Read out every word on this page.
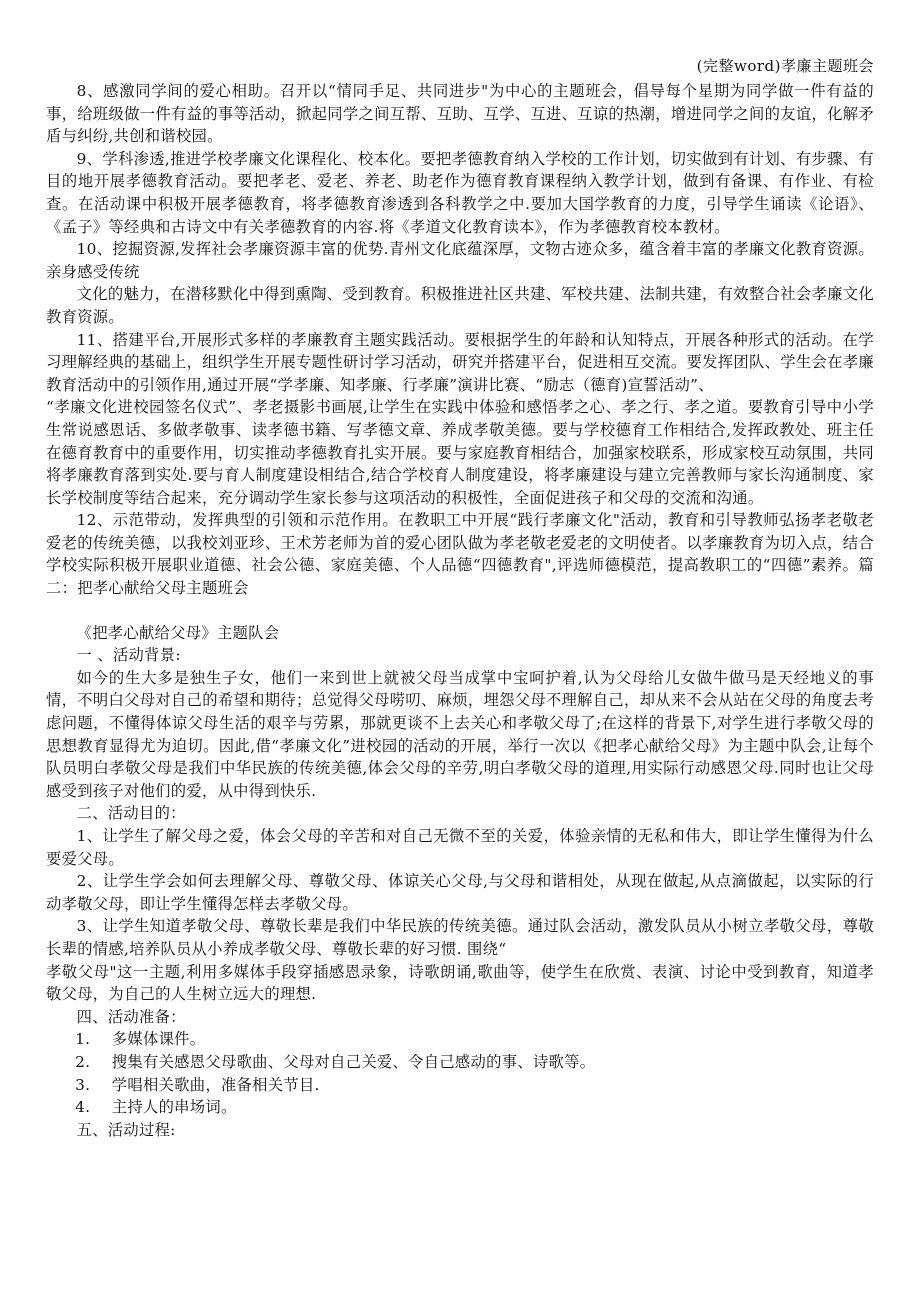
(完整word)孝廉主题班会

8、感激同学间的爱心相助。召开以“情同手足、共同进步"为中心的主题班会，倡导每个星期为同学做一件有益的事，给班级做一件有益的事等活动，掀起同学之间互帮、互助、互学、互进、互谅的热潮，增进同学之间的友谊，化解矛盾与纠纷,共创和谐校园。

9、学科渗透,推进学校孝廉文化课程化、校本化。要把孝德教育纳入学校的工作计划，切实做到有计划、有步骤、有目的地开展孝德教育活动。要把孝老、爱老、养老、助老作为德育教育课程纳入教学计划，做到有备课、有作业、有检查。在活动课中积极开展孝德教育，将孝德教育渗透到各科教学之中.要加大国学教育的力度，引导学生诵读《论语》、《孟子》等经典和古诗文中有关孝德教育的内容.将《孝道文化教育读本》，作为孝德教育校本教材。

10、挖掘资源,发挥社会孝廉资源丰富的优势.青州文化底蕴深厚，文物古迹众多，蕴含着丰富的孝廉文化教育资源。亲身感受传统

文化的魅力，在潜移默化中得到熏陶、受到教育。积极推进社区共建、军校共建、法制共建，有效整合社会孝廉文化教育资源。

11、搭建平台,开展形式多样的孝廉教育主题实践活动。要根据学生的年龄和认知特点，开展各种形式的活动。在学习理解经典的基础上，组织学生开展专题性研讨学习活动，研究并搭建平台，促进相互交流。要发挥团队、学生会在孝廉教育活动中的引领作用,通过开展“学孝廉、知孝廉、行孝廉”演讲比赛、“励志（德育)宣誓活动”、

“孝廉文化进校园签名仪式”、孝老摄影书画展,让学生在实践中体验和感悟孝之心、孝之行、孝之道。要教育引导中小学生常说感恩话、多做孝敬事、读孝德书籍、写孝德文章、养成孝敬美德。要与学校德育工作相结合,发挥政教处、班主任在德育教育中的重要作用，切实推动孝德教育扎实开展。要与家庭教育相结合，加强家校联系，形成家校互动氛围，共同将孝廉教育落到实处.要与育人制度建设相结合,结合学校育人制度建设，将孝廉建设与建立完善教师与家长沟通制度、家长学校制度等结合起来，充分调动学生家长参与这项活动的积极性，全面促进孩子和父母的交流和沟通。

12、示范带动，发挥典型的引领和示范作用。在教职工中开展“践行孝廉文化"活动，教育和引导教师弘扬孝老敬老爱老的传统美德，以我校刘亚珍、王术芳老师为首的爱心团队做为孝老敬老爱老的文明使者。以孝廉教育为切入点，结合学校实际积极开展职业道德、社会公德、家庭美德、个人品德“四德教育",评选师德模范，提高教职工的“四德”素养。篇二：把孝心献给父母主题班会

《把孝心献给父母》主题队会

一 、活动背景:

如今的生大多是独生子女，他们一来到世上就被父母当成掌中宝呵护着,认为父母给儿女做牛做马是天经地义的事情，不明白父母对自己的希望和期待；总觉得父母唠叨、麻烦，埋怨父母不理解自己，却从来不会从站在父母的角度去考虑问题，不懂得体谅父母生活的艰辛与劳累，那就更谈不上去关心和孝敬父母了;在这样的背景下,对学生进行孝敬父母的思想教育显得尤为迫切。因此,借“孝廉文化”进校园的活动的开展，举行一次以《把孝心献给父母》为主题中队会,让每个队员明白孝敬父母是我们中华民族的传统美德,体会父母的辛劳,明白孝敬父母的道理,用实际行动感恩父母.同时也让父母感受到孩子对他们的爱，从中得到快乐.

二、活动目的：

1、让学生了解父母之爱，体会父母的辛苦和对自己无微不至的关爱，体验亲情的无私和伟大，即让学生懂得为什么要爱父母。

2、让学生学会如何去理解父母、尊敬父母、体谅关心父母,与父母和谐相处，从现在做起,从点滴做起，以实际的行动孝敬父母，即让学生懂得怎样去孝敬父母。

3、让学生知道孝敬父母、尊敬长辈是我们中华民族的传统美德。通过队会活动，激发队员从小树立孝敬父母，尊敬长辈的情感,培养队员从小养成孝敬父母、尊敬长辈的好习惯. 围绕“

孝敬父母"这一主题,利用多媒体手段穿插感恩录象，诗歌朗诵,歌曲等，使学生在欣赏、表演、讨论中受到教育，知道孝敬父母，为自己的人生树立远大的理想.

四、活动准备：

1. 多媒体课件。

2. 搜集有关感恩父母歌曲、父母对自己关爱、令自己感动的事、诗歌等。

3. 学唱相关歌曲，准备相关节目.

4. 主持人的串场词。

五、活动过程:
